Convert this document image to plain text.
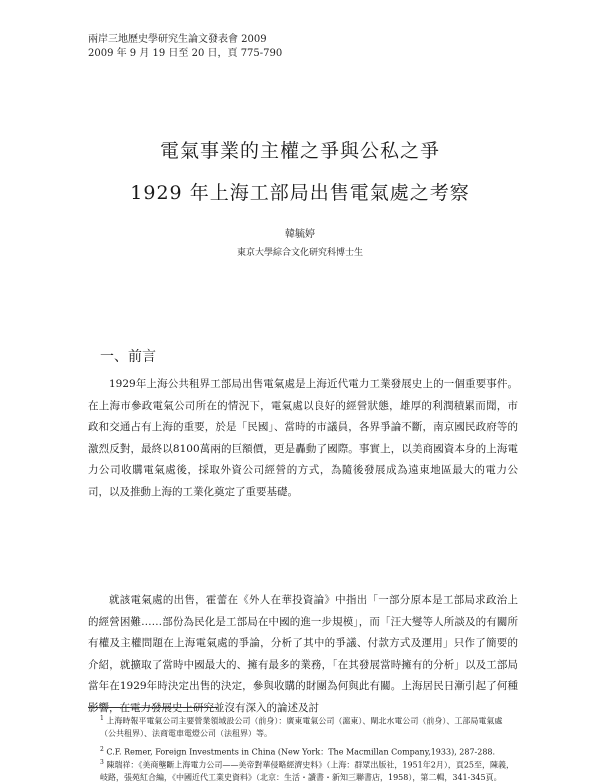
兩岸三地歷史學研究生論文發表會 2009
2009 年 9 月 19 日至 20 日，頁 775-790
電氣事業的主權之爭與公私之爭
1929 年上海工部局出售電氣處之考察
韓毓婷
東京大學綜合文化研究科博士生
一、前言
1929年上海公共租界工部局出售電氣處是上海近代電力工業發展史上的一個重要事件。在上海市參政電氣公司所在的情況下，電氣處以良好的經營狀態，雄厚的利潤積累而聞，市政和交通占有上海的重要，於是「民國」、當時的市議員，各界爭論不斷，南京國民政府等的激烈反對，最終以8100萬兩的巨額價，更是轟動了國際。事實上，以美商國資本身的上海電力公司收購電氣處後，採取外資公司經營的方式，為隨後發展成為遠東地區最大的電力公司，以及推動上海的工業化奠定了重要基礎。
就該電氣處的出售，霍蕾在《外人在華投資論》中指出「一部分原本是工部局求政治上的經營困難……部份為民化是工部局在中國的進一步規模」，而「汪大燮等人所談及的有關所有權及主權問題在上海電氣處的爭論，分析了其中的爭議、付款方式及運用」只作了簡要的介紹，就擴取了當時中國最大的、擁有最多的業務，「在其發展當時擁有的分析」以及工部局當年在1929年時決定出售的決定，參與收購的財團為何與此有關。上海居民日漸引起了何種影響，在電力發展史上研究並沒有深入的論述及討
$^1$ 上海時報平電氣公司主要營業領域設公司（前身）：廣東電氣公司（滬東）、閘北水電公司（前身）、工部局電氣處（公共租界）、法商電車電燈公司（法租界）等。
$^2$ C.F. Remer, Foreign Investments in China (New York：The Macmillan Company,1933), 287-288.
$^3$ 陳瑞祥：《美商壟斷上海電力公司——美帝對華侵略經濟史料》（上海：群眾出版社，1951年2月），頁25至，陳義，岐路，張苑紅合編，《中國近代工業史資料》（北京：生活・讀書・新知三聯書店，1958），第二輯，341-345頁。
